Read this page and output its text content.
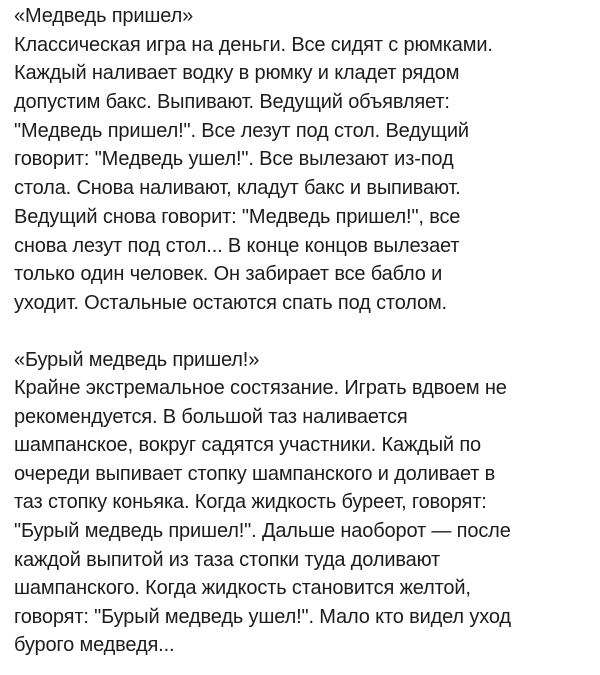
«Медведь пришел»
Классическая игра на деньги. Все сидят с рюмками.
Каждый наливает водку в рюмку и кладет рядом
допустим бакс. Выпивают. Ведущий объявляет:
"Медведь пришел!". Все лезут под стол. Ведущий
говорит: "Медведь ушел!". Все вылезают из-под
стола. Снова наливают, кладут бакс и выпивают.
Ведущий снова говорит: "Медведь пришел!", все
снова лезут под стол... В конце концов вылезает
только один человек. Он забирает все бабло и
уходит. Остальные остаются спать под столом.
«Бурый медведь пришел!»
Крайне экстремальное состязание. Играть вдвоем не
рекомендуется. В большой таз наливается
шампанское, вокруг садятся участники. Каждый по
очереди выпивает стопку шампанского и доливает в
таз стопку коньяка. Когда жидкость буреет, говорят:
"Бурый медведь пришел!". Дальше наоборот — после
каждой выпитой из таза стопки туда доливают
шампанского. Когда жидкость становится желтой,
говорят: "Бурый медведь ушел!". Мало кто видел уход
бурого медведя...
